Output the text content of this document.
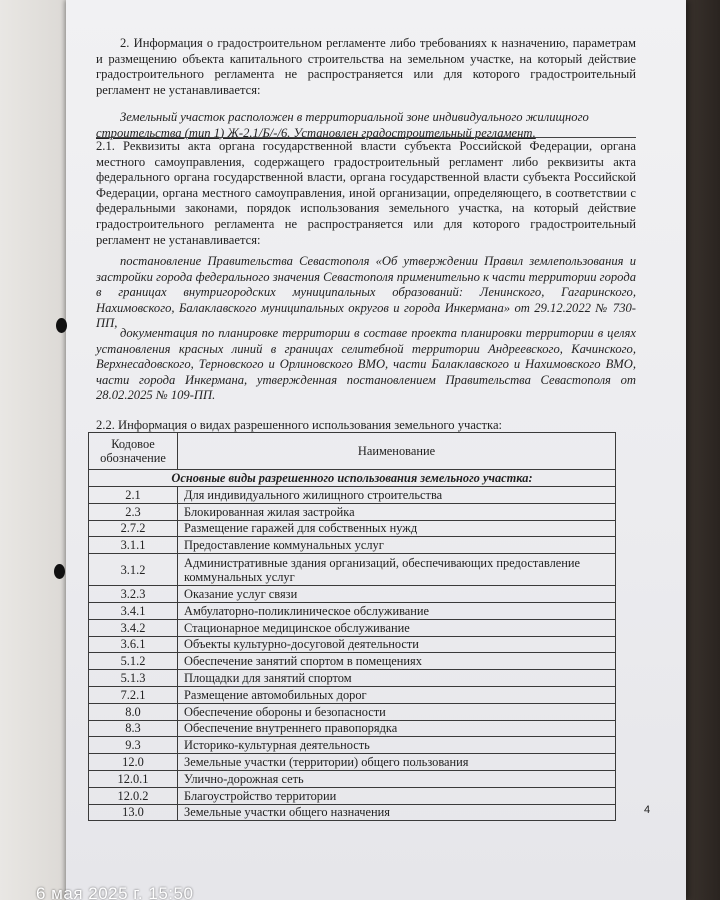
2. Информация о градостроительном регламенте либо требованиях к назначению, параметрам и размещению объекта капитального строительства на земельном участке, на который действие градостроительного регламента не распространяется или для которого градостроительный регламент не устанавливается:

Земельный участок расположен в территориальной зоне индивидуального жилищного
строительства (тип 1) Ж-2.1/Б/-/6. Установлен градостроительный регламент.

2.1. Реквизиты акта органа государственной власти субъекта Российской Федерации, органа местного самоуправления, содержащего градостроительный регламент либо реквизиты акта федерального органа государственной власти, органа государственной власти субъекта Российской Федерации, органа местного самоуправления, иной организации, определяющего, в соответствии с федеральными законами, порядок использования земельного участка, на который действие градостроительного регламента не распространяется или для которого градостроительный регламент не устанавливается:

постановление Правительства Севастополя «Об утверждении Правил землепользования и застройки города федерального значения Севастополя применительно к части территории города в границах внутригородских муниципальных образований: Ленинского, Гагаринского, Нахимовского, Балаклавского муниципальных округов и города Инкермана» от 29.12.2022 № 730- ПП,

документация по планировке территории в составе проекта планировки территории в целях установления красных линий в границах селитебной территории Андреевского, Качинского, Верхнесадовского, Терновского и Орлиновского ВМО, части Балаклавского и Нахимовского ВМО, части города Инкермана, утвержденная постановлением Правительства Севастополя от 28.02.2025 № 109-ПП.

2.2. Информация о видах разрешенного использования земельного участка:
Кодовое обозначение	Наименование
Основные виды разрешенного использования земельного участка:	
2.1	Для индивидуального жилищного строительства
2.3	Блокированная жилая застройка
2.7.2	Размещение гаражей для собственных нужд
3.1.1	Предоставление коммунальных услуг
3.1.2	Административные здания организаций, обеспечивающих предоставление коммунальных услуг
3.2.3	Оказание услуг связи
3.4.1	Амбулаторно-поликлиническое обслуживание
3.4.2	Стационарное медицинское обслуживание
3.6.1	Объекты культурно-досуговой деятельности
5.1.2	Обеспечение занятий спортом в помещениях
5.1.3	Площадки для занятий спортом
7.2.1	Размещение автомобильных дорог
8.0	Обеспечение обороны и безопасности
8.3	Обеспечение внутреннего правопорядка
9.3	Историко-культурная деятельность
12.0	Земельные участки (территории) общего пользования
12.0.1	Улично-дорожная сеть
12.0.2	Благоустройство территории
13.0	Земельные участки общего назначения	4
6 мая 2025 г. 15:50
